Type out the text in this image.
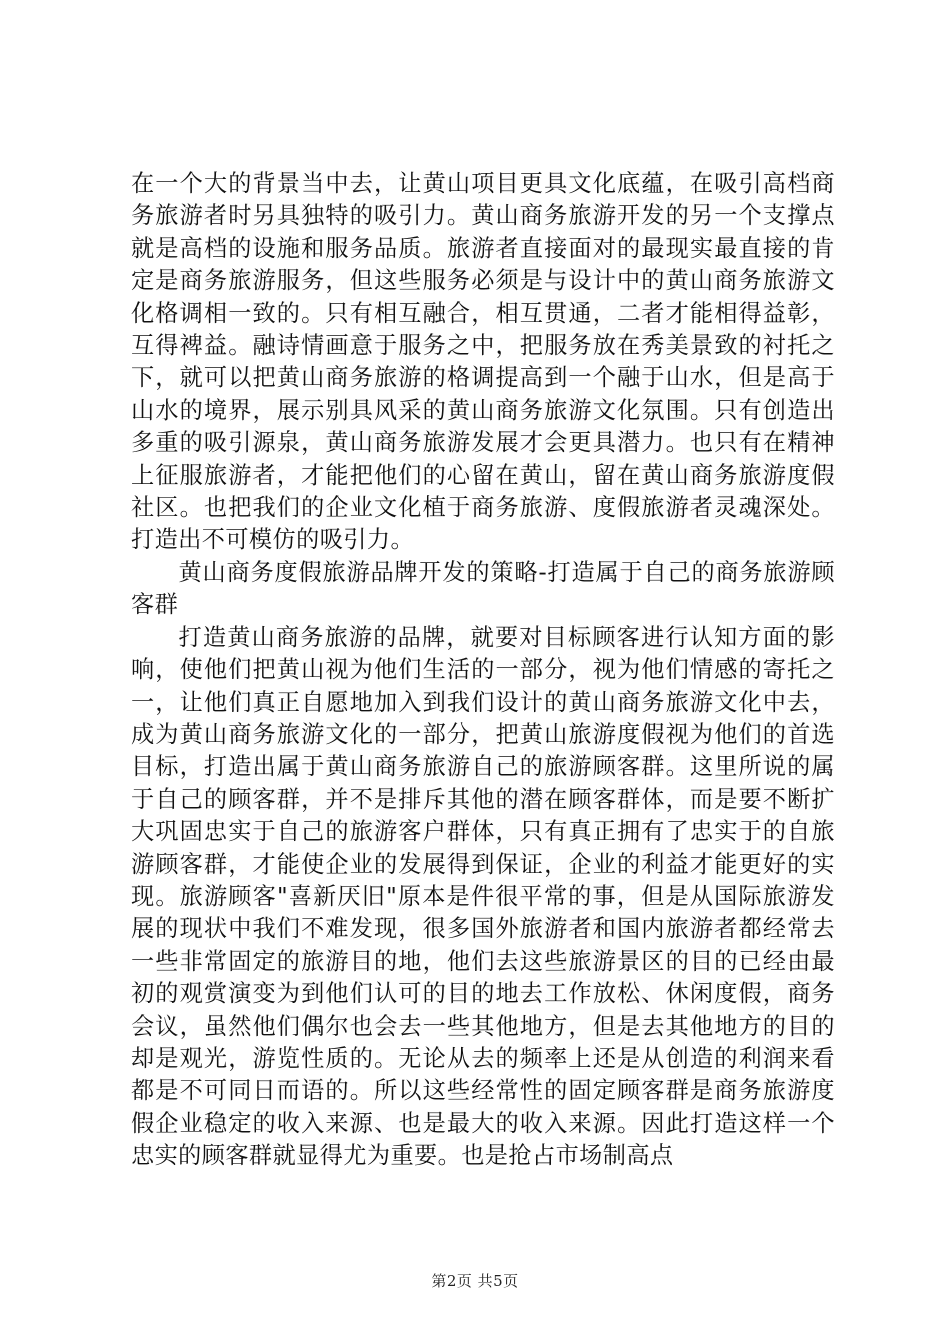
在一个大的背景当中去，让黄山项目更具文化底蕴，在吸引高档商务旅游者时另具独特的吸引力。黄山商务旅游开发的另一个支撑点就是高档的设施和服务品质。旅游者直接面对的最现实最直接的肯定是商务旅游服务，但这些服务必须是与设计中的黄山商务旅游文化格调相一致的。只有相互融合，相互贯通，二者才能相得益彰，互得裨益。融诗情画意于服务之中，把服务放在秀美景致的衬托之下，就可以把黄山商务旅游的格调提高到一个融于山水，但是高于山水的境界，展示别具风采的黄山商务旅游文化氛围。只有创造出多重的吸引源泉，黄山商务旅游发展才会更具潜力。也只有在精神上征服旅游者，才能把他们的心留在黄山，留在黄山商务旅游度假社区。也把我们的企业文化植于商务旅游、度假旅游者灵魂深处。打造出不可模仿的吸引力。

黄山商务度假旅游品牌开发的策略-打造属于自己的商务旅游顾客群

打造黄山商务旅游的品牌，就要对目标顾客进行认知方面的影响，使他们把黄山视为他们生活的一部分，视为他们情感的寄托之一，让他们真正自愿地加入到我们设计的黄山商务旅游文化中去，成为黄山商务旅游文化的一部分，把黄山旅游度假视为他们的首选目标，打造出属于黄山商务旅游自己的旅游顾客群。这里所说的属于自己的顾客群，并不是排斥其他的潜在顾客群体，而是要不断扩大巩固忠实于自己的旅游客户群体，只有真正拥有了忠实于的自旅游顾客群，才能使企业的发展得到保证，企业的利益才能更好的实现。旅游顾客"喜新厌旧"原本是件很平常的事，但是从国际旅游发展的现状中我们不难发现，很多国外旅游者和国内旅游者都经常去一些非常固定的旅游目的地，他们去这些旅游景区的目的已经由最初的观赏演变为到他们认可的目的地去工作放松、休闲度假，商务会议，虽然他们偶尔也会去一些其他地方，但是去其他地方的目的却是观光，游览性质的。无论从去的频率上还是从创造的利润来看都是不可同日而语的。所以这些经常性的固定顾客群是商务旅游度假企业稳定的收入来源、也是最大的收入来源。因此打造这样一个忠实的顾客群就显得尤为重要。也是抢占市场制高点

第2页 共5页
